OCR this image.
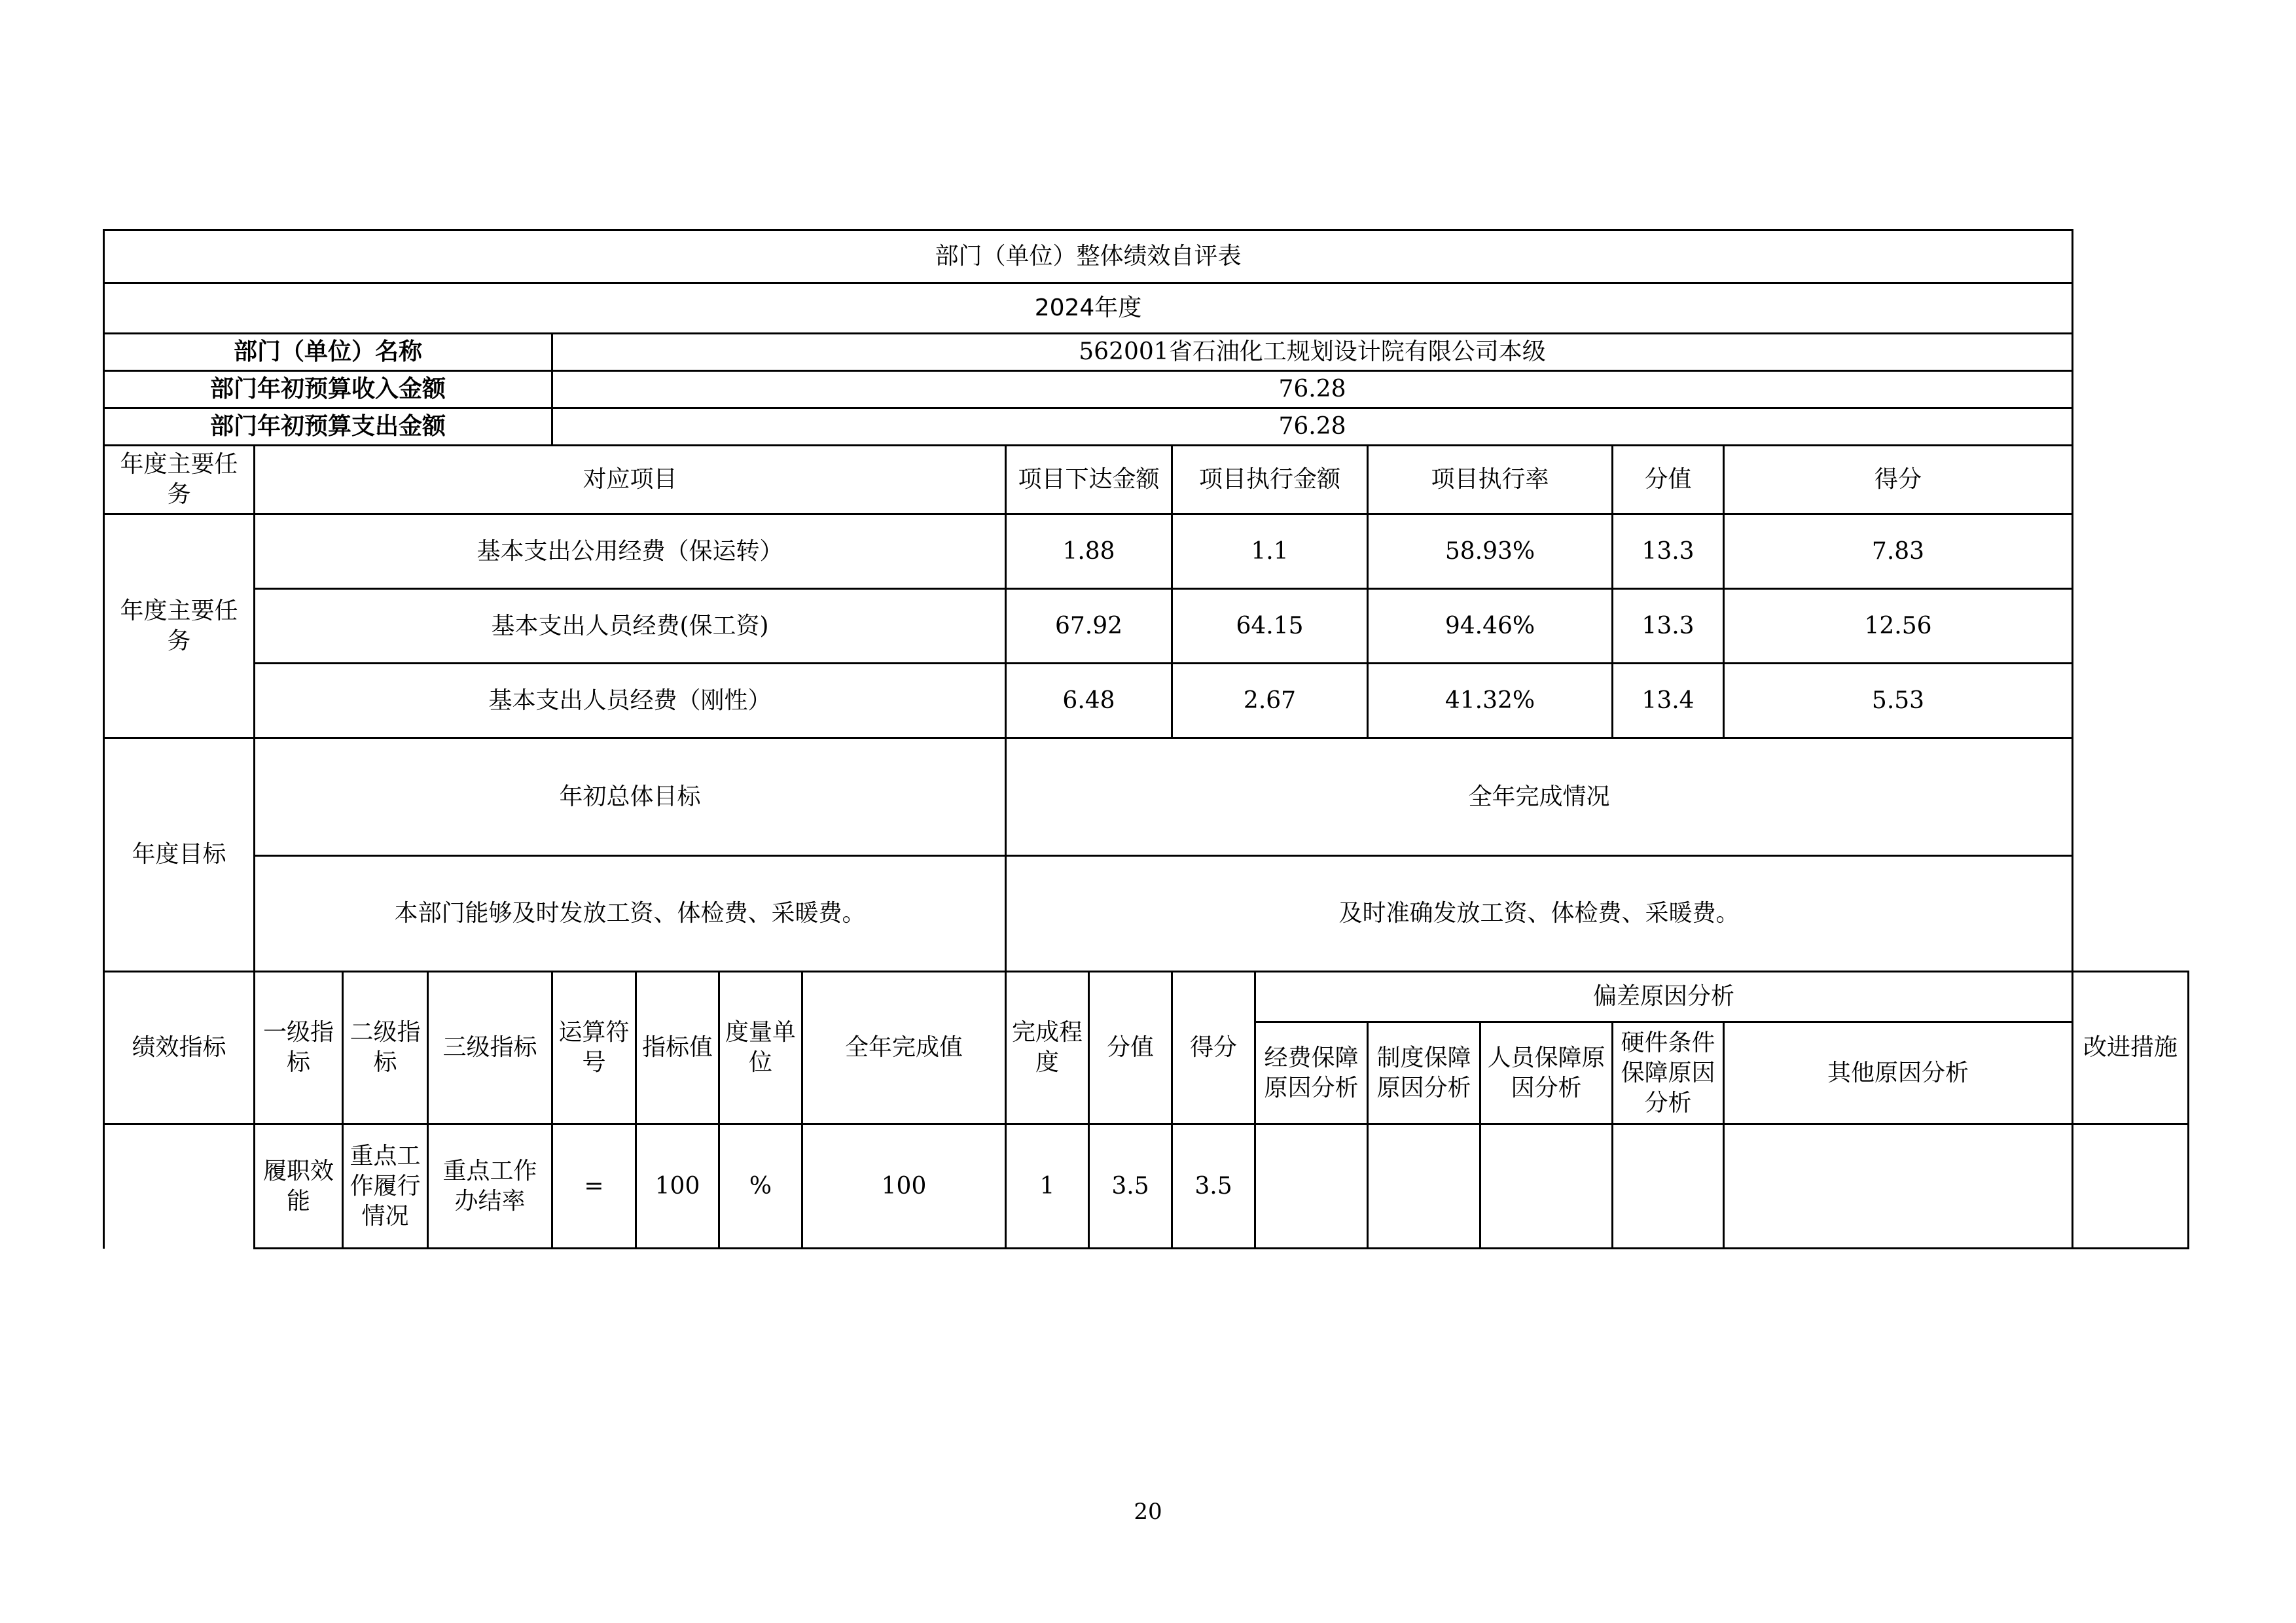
部门（单位）整体绩效自评表																
2024年度																
部门（单位）名称				562001省石油化工规划设计院有限公司本级												
部门年初预算收入金额				76.28												
部门年初预算支出金额				76.28												
年度主要任务	对应项目							项目下达金额		项目执行金额		项目执行率		分值	得分	
年度主要任务	基本支出公用经费（保运转）							1.88		1.1		58.93%		13.3	7.83	
	基本支出人员经费(保工资)							67.92		64.15		94.46%		13.3	12.56	
	基本支出人员经费（刚性）							6.48		2.67		41.32%		13.4	5.53	
年度目标	年初总体目标							全年完成情况								
	本部门能够及时发放工资、体检费、采暖费。							及时准确发放工资、体检费、采暖费。								
绩效指标	一级指标	二级指标	三级指标	运算符号	指标值	度量单位	全年完成值	完成程度	分值	得分	偏差原因分析					改进措施
											经费保障原因分析	制度保障原因分析	人员保障原因分析	硬件条件保障原因分析	其他原因分析	
	履职效能	重点工作履行情况	重点工作办结率	=	100	%	100	1	3.5	3.5						
20
